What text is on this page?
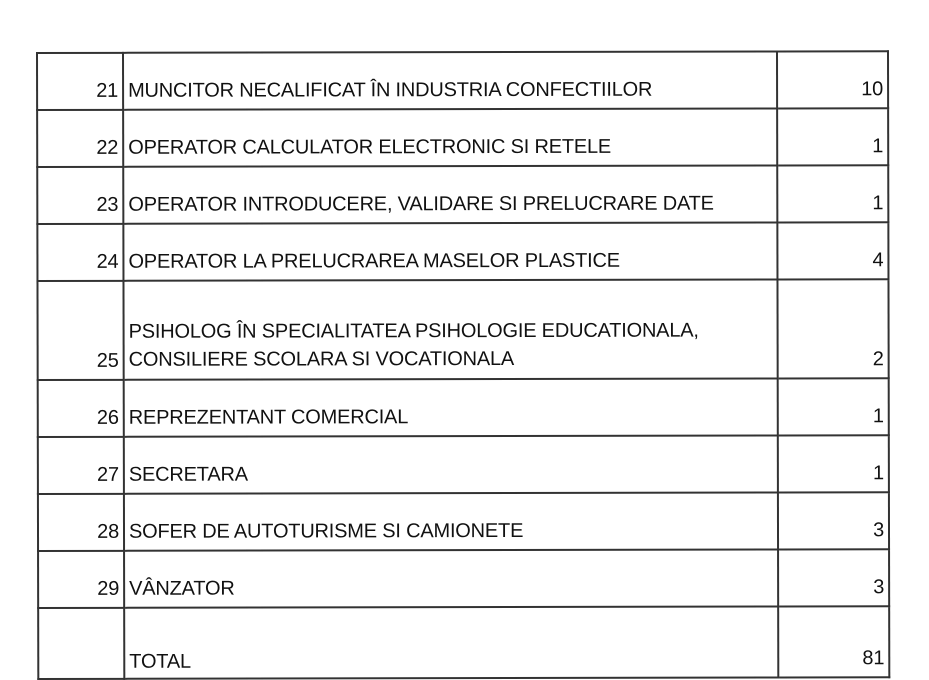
21	MUNCITOR NECALIFICAT ÎN INDUSTRIA CONFECTIILOR	10
22	OPERATOR CALCULATOR ELECTRONIC SI RETELE	1
23	OPERATOR INTRODUCERE, VALIDARE SI PRELUCRARE DATE	1
24	OPERATOR LA PRELUCRAREA MASELOR PLASTICE	4
25	PSIHOLOG ÎN SPECIALITATEA PSIHOLOGIE EDUCATIONALA,
CONSILIERE SCOLARA SI VOCATIONALA	2
26	REPREZENTANT COMERCIAL	1
27	SECRETARA	1
28	SOFER DE AUTOTURISME SI CAMIONETE	3
29	VÂNZATOR	3
	TOTAL	81
